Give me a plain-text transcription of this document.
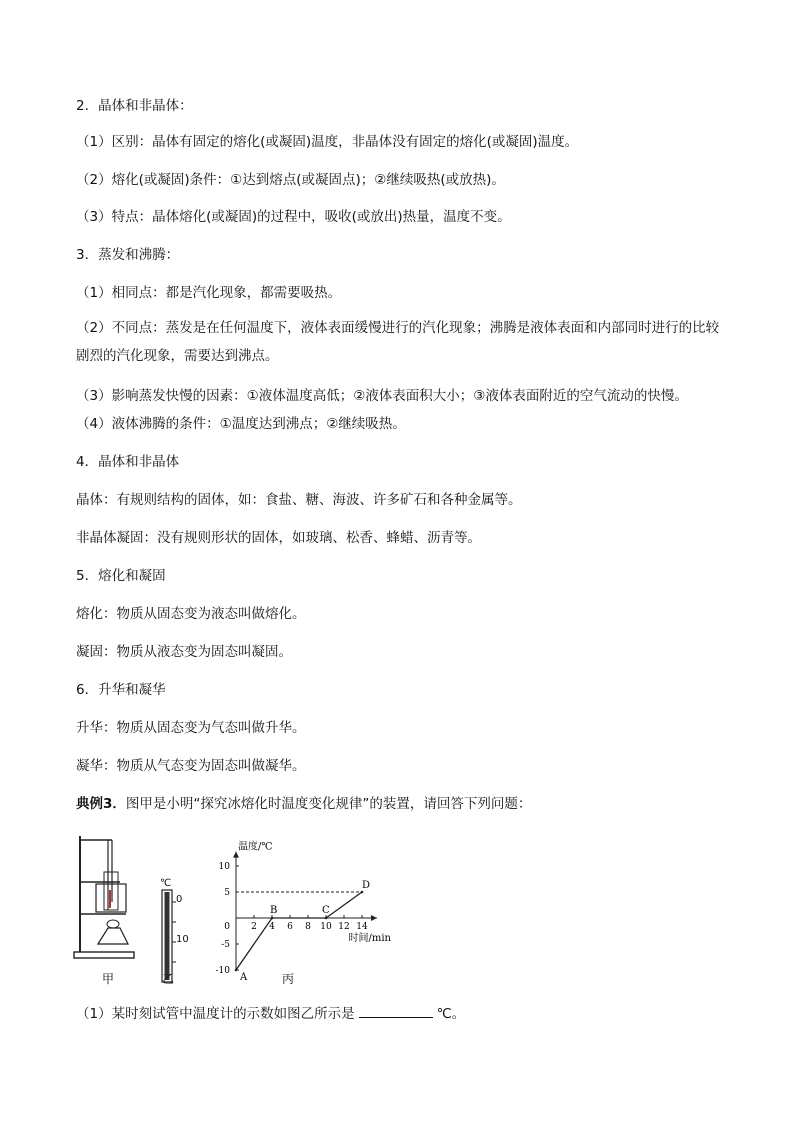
2．晶体和非晶体：
（1）区别：晶体有固定的熔化(或凝固)温度，非晶体没有固定的熔化(或凝固)温度。
（2）熔化(或凝固)条件：①达到熔点(或凝固点)；②继续吸热(或放热)。
（3）特点：晶体熔化(或凝固)的过程中，吸收(或放出)热量，温度不变。
3．蒸发和沸腾：
（1）相同点：都是汽化现象，都需要吸热。
（2）不同点：蒸发是在任何温度下，液体表面缓慢进行的汽化现象；沸腾是液体表面和内部同时进行的比较剧烈的汽化现象，需要达到沸点。
（3）影响蒸发快慢的因素：①液体温度高低；②液体表面积大小；③液体表面附近的空气流动的快慢。
（4）液体沸腾的条件：①温度达到沸点；②继续吸热。
4．晶体和非晶体
晶体：有规则结构的固体，如：食盐、糖、海波、许多矿石和各种金属等。
非晶体凝固：没有规则形状的固体，如玻璃、松香、蜂蜡、沥青等。
5．熔化和凝固
熔化：物质从固态变为液态叫做熔化。
凝固：物质从液态变为固态叫凝固。
6．升华和凝华
升华：物质从固态变为气态叫做升华。
凝华：物质从气态变为固态叫做凝华。
典例3．图甲是小明“探究冰熔化时温度变化规律”的装置，请回答下列问题：
甲
℃
0
10
乙
2 4 6 8 10 12 14
0
-10
-5
5
10
温度/℃
时间/min
A
B	C
D
丙
（1）某时刻试管中温度计的示数如图乙所示是	℃。
